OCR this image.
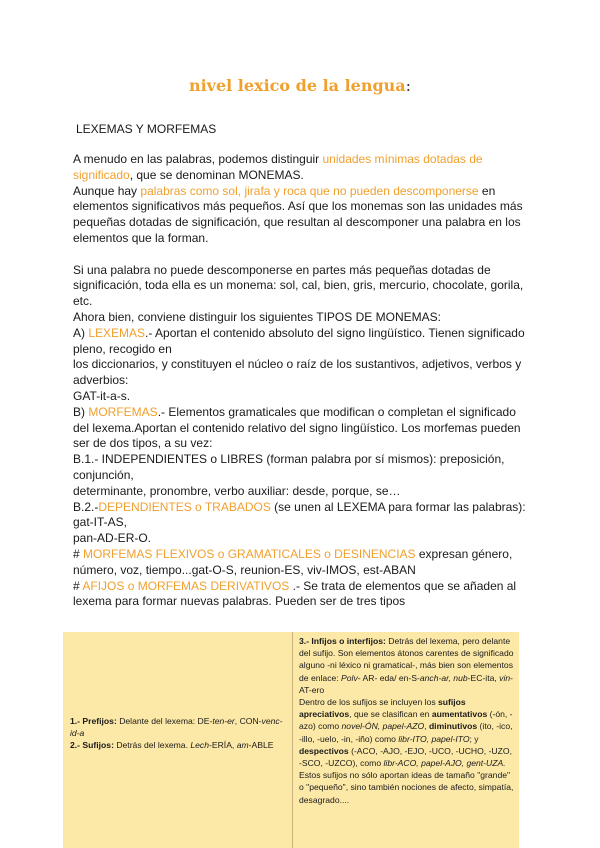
nivel lexico de la lengua:
LEXEMAS Y MORFEMAS

A menudo en las palabras, podemos distinguir unidades mínimas dotadas de significado, que se denominan MONEMAS.

Aunque hay palabras como sol, jirafa y roca que no pueden descomponerse en elementos significativos más pequeños. Así que los monemas son las unidades más pequeñas dotadas de significación, que resultan al descomponer una palabra en los elementos que la forman.

Si una palabra no puede descomponerse en partes más pequeñas dotadas de significación, toda ella es un monema: sol, cal, bien, gris, mercurio, chocolate, gorila, etc.

Ahora bien, conviene distinguir los siguientes TIPOS DE MONEMAS:

A) LEXEMAS.- Aportan el contenido absoluto del signo lingüístico. Tienen significado pleno, recogido en

los diccionarios, y constituyen el núcleo o raíz de los sustantivos, adjetivos, verbos y adverbios:

GAT-it-a-s.

B) MORFEMAS.- Elementos gramaticales que modifican o completan el significado del lexema.Aportan el contenido relativo del signo lingüístico. Los morfemas pueden ser de dos tipos, a su vez:

B.1.- INDEPENDIENTES o LIBRES (forman palabra por sí mismos): preposición, conjunción,

determinante, pronombre, verbo auxiliar: desde, porque, se…

B.2.-DEPENDIENTES o TRABADOS (se unen al LEXEMA para formar las palabras): gat-IT-AS,

pan-AD-ER-O.

# MORFEMAS FLEXIVOS o GRAMATICALES o DESINENCIAS expresan género, número, voz, tiempo...gat-O-S, reunion-ES, viv-IMOS, est-ABAN

# AFIJOS o MORFEMAS DERIVATIVOS .- Se trata de elementos que se añaden al lexema para formar nuevas palabras. Pueden ser de tres tipos

1.- Prefijos: Delante del lexema: DE-ten-er, CON-venc-id-a

2.- Sufijos: Detrás del lexema. Lech-ERÍA, am-ABLE

3.- Infijos o interfijos: Detrás del lexema, pero delante del sufijo. Son elementos átonos carentes de significado alguno -ni léxico ni gramatical-, más bien son elementos de enlace: Polv- AR- eda/ en-S-anch-ar, nub-EC-ita, vin-AT-ero

Dentro de los sufijos se incluyen los sufijos apreciativos, que se clasifican en aumentativos (-ón, -azo) como novel-ÓN, papel-AZO, diminutivos (ito, -ico, -illo, -uelo, -in, -iño) como libr-ITO, papel-ITO; y despectivos (-ACO, -AJO, -EJO, -UCO, -UCHO, -UZO, -SCO, -UZCO), como libr-ACO, papel-AJO, gent-UZA.

Estos sufijos no sólo aportan ideas de tamaño "grande" o "pequeño", sino también nociones de afecto, simpatía, desagrado....
